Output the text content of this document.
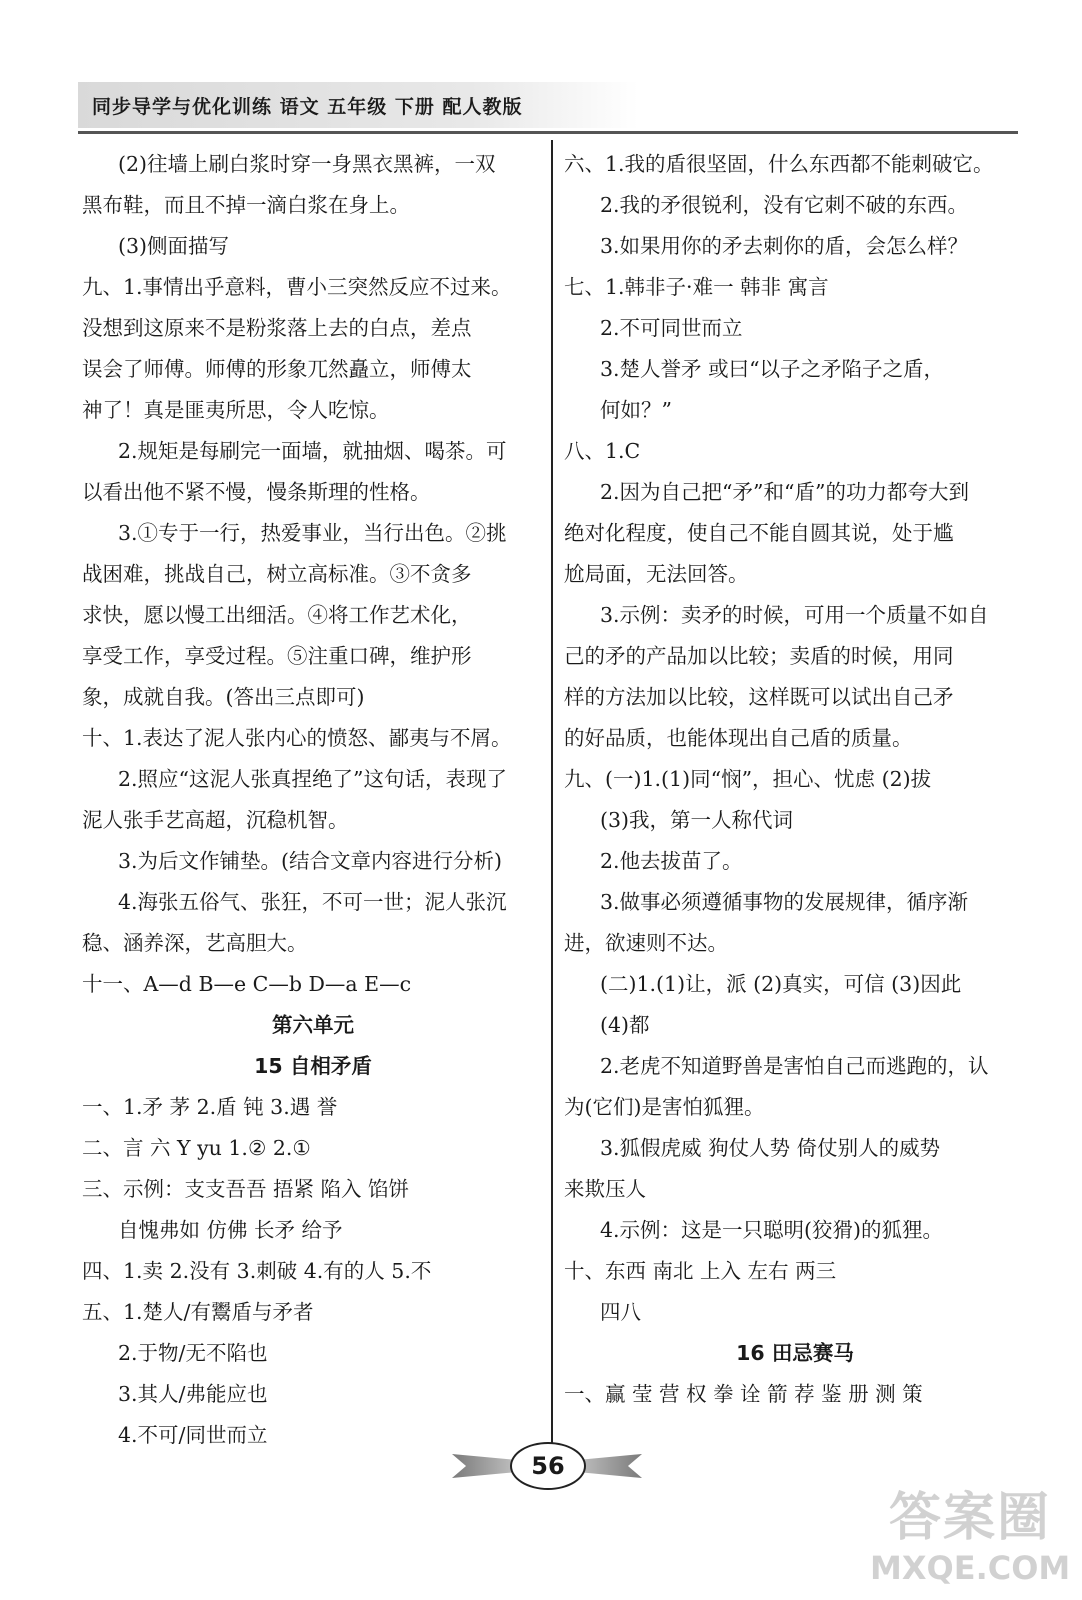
同步导学与优化训练 语文 五年级 下册 配人教版
(2)往墙上刷白浆时穿一身黑衣黑裤，一双
黑布鞋，而且不掉一滴白浆在身上。
(3)侧面描写
九、1.事情出乎意料，曹小三突然反应不过来。
没想到这原来不是粉浆落上去的白点，差点
误会了师傅。师傅的形象兀然矗立，师傅太
神了！真是匪夷所思，令人吃惊。
2.规矩是每刷完一面墙，就抽烟、喝茶。可
以看出他不紧不慢，慢条斯理的性格。
3.①专于一行，热爱事业，当行出色。②挑
战困难，挑战自己，树立高标准。③不贪多
求快，愿以慢工出细活。④将工作艺术化，
享受工作，享受过程。⑤注重口碑，维护形
象，成就自我。(答出三点即可)
十、1.表达了泥人张内心的愤怒、鄙夷与不屑。
2.照应“这泥人张真捏绝了”这句话，表现了
泥人张手艺高超，沉稳机智。
3.为后文作铺垫。(结合文章内容进行分析)
4.海张五俗气、张狂，不可一世；泥人张沉
稳、涵养深，艺高胆大。
十一、A—d B—e C—b D—a E—c
第六单元
15 自相矛盾
一、1.矛 茅 2.盾 钝 3.遇 誉
二、言 六 Y yu 1.② 2.①
三、示例：支支吾吾 捂紧 陷入 馅饼
自愧弗如 仿佛 长矛 给予
四、1.卖 2.没有 3.刺破 4.有的人 5.不
五、1.楚人/有鬻盾与矛者
2.于物/无不陷也
3.其人/弗能应也
4.不可/同世而立
六、1.我的盾很坚固，什么东西都不能刺破它。
2.我的矛很锐利，没有它刺不破的东西。
3.如果用你的矛去刺你的盾，会怎么样？
七、1.韩非子·难一 韩非 寓言
2.不可同世而立
3.楚人誉矛 或曰“以子之矛陷子之盾，
何如？”
八、1.C
2.因为自己把“矛”和“盾”的功力都夸大到
绝对化程度，使自己不能自圆其说，处于尴
尬局面，无法回答。
3.示例：卖矛的时候，可用一个质量不如自
己的矛的产品加以比较；卖盾的时候，用同
样的方法加以比较，这样既可以试出自己矛
的好品质，也能体现出自己盾的质量。
九、(一)1.(1)同“悯”，担心、忧虑 (2)拔
(3)我，第一人称代词
2.他去拔苗了。
3.做事必须遵循事物的发展规律，循序渐
进，欲速则不达。
(二)1.(1)让，派 (2)真实，可信 (3)因此
(4)都
2.老虎不知道野兽是害怕自己而逃跑的，认
为(它们)是害怕狐狸。
3.狐假虎威 狗仗人势 倚仗别人的威势
来欺压人
4.示例：这是一只聪明(狡猾)的狐狸。
十、东西 南北 上入 左右 两三
四八
16 田忌赛马
一、赢 莹 营 权 拳 诠 箭 荐 鉴 册 测 策
56
答案圈
MXQE.COM
